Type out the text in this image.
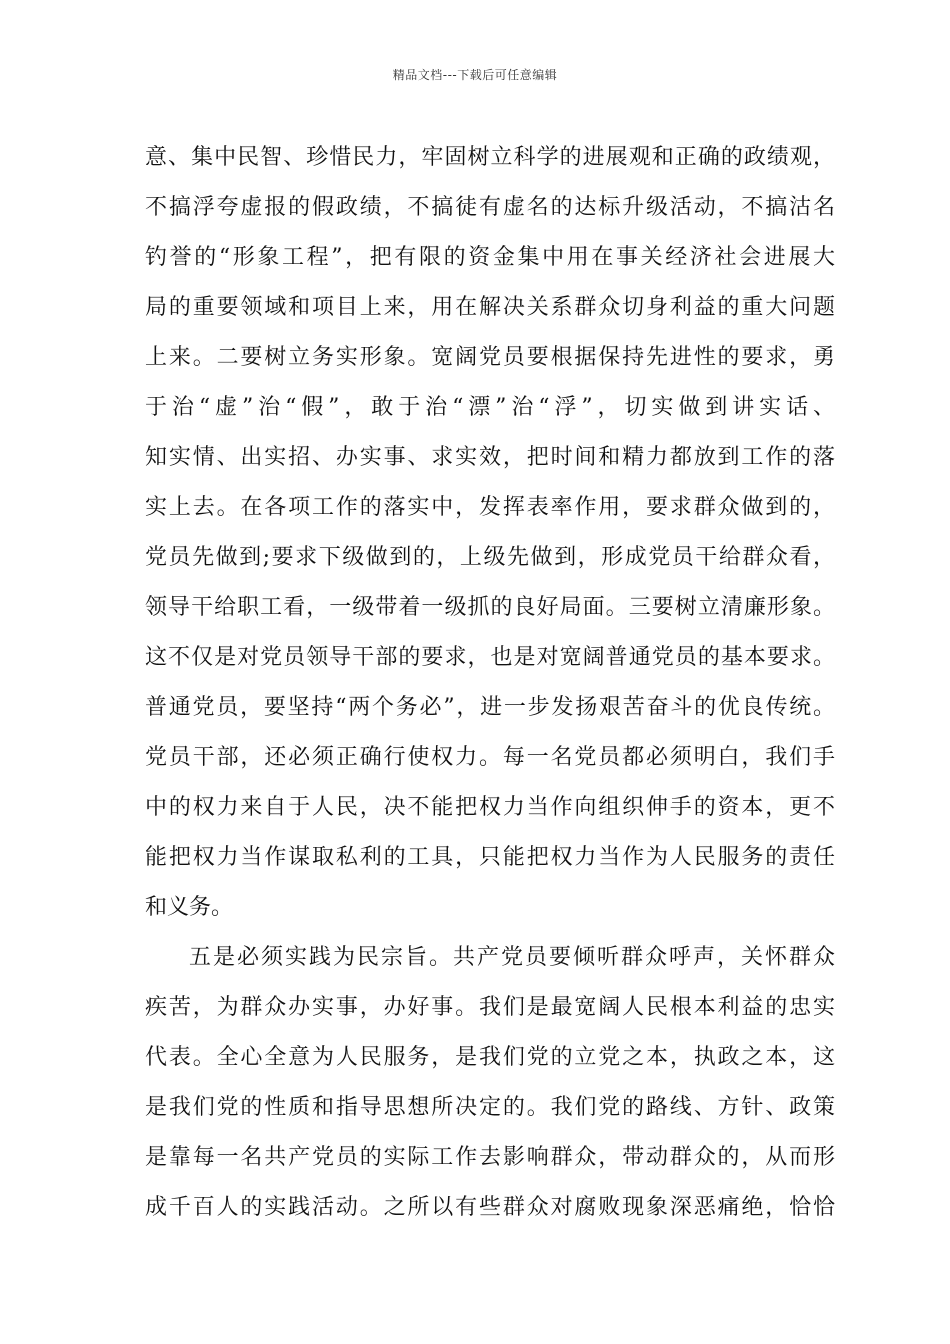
精品文档---下载后可任意编辑
意、集中民智、珍惜民力，牢固树立科学的进展观和正确的政绩观，
不搞浮夸虚报的假政绩，不搞徒有虚名的达标升级活动，不搞沽名
钓誉的“形象工程”，把有限的资金集中用在事关经济社会进展大
局的重要领域和项目上来，用在解决关系群众切身利益的重大问题
上来。二要树立务实形象。宽阔党员要根据保持先进性的要求，勇
于治“虚”治“假”，敢于治“漂”治“浮”，切实做到讲实话、
知实情、出实招、办实事、求实效，把时间和精力都放到工作的落
实上去。在各项工作的落实中，发挥表率作用，要求群众做到的，
党员先做到;要求下级做到的，上级先做到，形成党员干给群众看，
领导干给职工看，一级带着一级抓的良好局面。三要树立清廉形象。
这不仅是对党员领导干部的要求，也是对宽阔普通党员的基本要求。
普通党员，要坚持“两个务必”，进一步发扬艰苦奋斗的优良传统。
党员干部，还必须正确行使权力。每一名党员都必须明白，我们手
中的权力来自于人民，决不能把权力当作向组织伸手的资本，更不
能把权力当作谋取私利的工具，只能把权力当作为人民服务的责任
和义务。
五是必须实践为民宗旨。共产党员要倾听群众呼声，关怀群众
疾苦，为群众办实事，办好事。我们是最宽阔人民根本利益的忠实
代表。全心全意为人民服务，是我们党的立党之本，执政之本，这
是我们党的性质和指导思想所决定的。我们党的路线、方针、政策
是靠每一名共产党员的实际工作去影响群众，带动群众的，从而形
成千百人的实践活动。之所以有些群众对腐败现象深恶痛绝，恰恰
